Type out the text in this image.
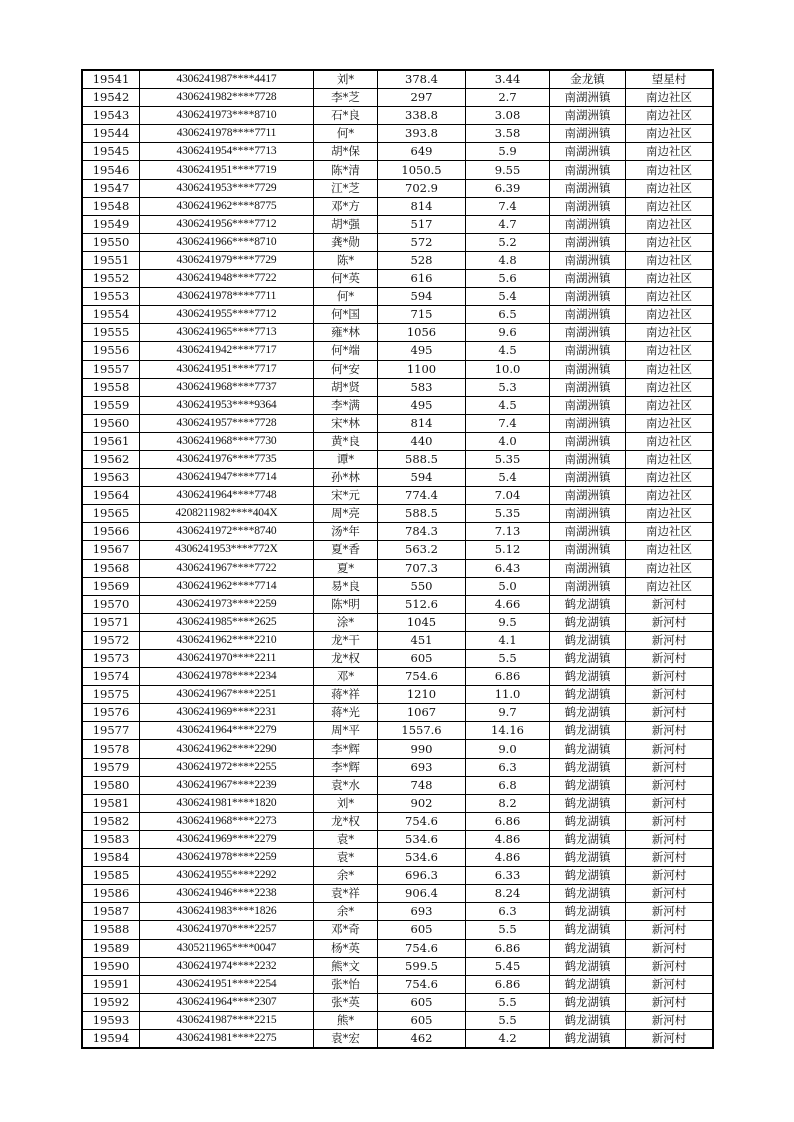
19541	4306241987****4417	刘*	378.4	3.44	金龙镇	望星村
19542	4306241982****7728	李*芝	297	2.7	南湖洲镇	南边社区
19543	4306241973****8710	石*良	338.8	3.08	南湖洲镇	南边社区
19544	4306241978****7711	何*	393.8	3.58	南湖洲镇	南边社区
19545	4306241954****7713	胡*保	649	5.9	南湖洲镇	南边社区
19546	4306241951****7719	陈*清	1050.5	9.55	南湖洲镇	南边社区
19547	4306241953****7729	江*芝	702.9	6.39	南湖洲镇	南边社区
19548	4306241962****8775	邓*方	814	7.4	南湖洲镇	南边社区
19549	4306241956****7712	胡*强	517	4.7	南湖洲镇	南边社区
19550	4306241966****8710	龚*勋	572	5.2	南湖洲镇	南边社区
19551	4306241979****7729	陈*	528	4.8	南湖洲镇	南边社区
19552	4306241948****7722	何*英	616	5.6	南湖洲镇	南边社区
19553	4306241978****7711	何*	594	5.4	南湖洲镇	南边社区
19554	4306241955****7712	何*国	715	6.5	南湖洲镇	南边社区
19555	4306241965****7713	雍*林	1056	9.6	南湖洲镇	南边社区
19556	4306241942****7717	何*端	495	4.5	南湖洲镇	南边社区
19557	4306241951****7717	何*安	1100	10.0	南湖洲镇	南边社区
19558	4306241968****7737	胡*贤	583	5.3	南湖洲镇	南边社区
19559	4306241953****9364	李*满	495	4.5	南湖洲镇	南边社区
19560	4306241957****7728	宋*林	814	7.4	南湖洲镇	南边社区
19561	4306241968****7730	黄*良	440	4.0	南湖洲镇	南边社区
19562	4306241976****7735	谭*	588.5	5.35	南湖洲镇	南边社区
19563	4306241947****7714	孙*林	594	5.4	南湖洲镇	南边社区
19564	4306241964****7748	宋*元	774.4	7.04	南湖洲镇	南边社区
19565	4208211982****404X	周*亮	588.5	5.35	南湖洲镇	南边社区
19566	4306241972****8740	汤*年	784.3	7.13	南湖洲镇	南边社区
19567	4306241953****772X	夏*香	563.2	5.12	南湖洲镇	南边社区
19568	4306241967****7722	夏*	707.3	6.43	南湖洲镇	南边社区
19569	4306241962****7714	易*良	550	5.0	南湖洲镇	南边社区
19570	4306241973****2259	陈*明	512.6	4.66	鹤龙湖镇	新河村
19571	4306241985****2625	涂*	1045	9.5	鹤龙湖镇	新河村
19572	4306241962****2210	龙*干	451	4.1	鹤龙湖镇	新河村
19573	4306241970****2211	龙*权	605	5.5	鹤龙湖镇	新河村
19574	4306241978****2234	邓*	754.6	6.86	鹤龙湖镇	新河村
19575	4306241967****2251	蒋*祥	1210	11.0	鹤龙湖镇	新河村
19576	4306241969****2231	蒋*光	1067	9.7	鹤龙湖镇	新河村
19577	4306241964****2279	周*平	1557.6	14.16	鹤龙湖镇	新河村
19578	4306241962****2290	李*辉	990	9.0	鹤龙湖镇	新河村
19579	4306241972****2255	李*辉	693	6.3	鹤龙湖镇	新河村
19580	4306241967****2239	袁*水	748	6.8	鹤龙湖镇	新河村
19581	4306241981****1820	刘*	902	8.2	鹤龙湖镇	新河村
19582	4306241968****2273	龙*权	754.6	6.86	鹤龙湖镇	新河村
19583	4306241969****2279	袁*	534.6	4.86	鹤龙湖镇	新河村
19584	4306241978****2259	袁*	534.6	4.86	鹤龙湖镇	新河村
19585	4306241955****2292	余*	696.3	6.33	鹤龙湖镇	新河村
19586	4306241946****2238	袁*祥	906.4	8.24	鹤龙湖镇	新河村
19587	4306241983****1826	余*	693	6.3	鹤龙湖镇	新河村
19588	4306241970****2257	邓*奇	605	5.5	鹤龙湖镇	新河村
19589	4305211965****0047	杨*英	754.6	6.86	鹤龙湖镇	新河村
19590	4306241974****2232	熊*文	599.5	5.45	鹤龙湖镇	新河村
19591	4306241951****2254	张*怡	754.6	6.86	鹤龙湖镇	新河村
19592	4306241964****2307	张*英	605	5.5	鹤龙湖镇	新河村
19593	4306241987****2215	熊*	605	5.5	鹤龙湖镇	新河村
19594	4306241981****2275	袁*宏	462	4.2	鹤龙湖镇	新河村
